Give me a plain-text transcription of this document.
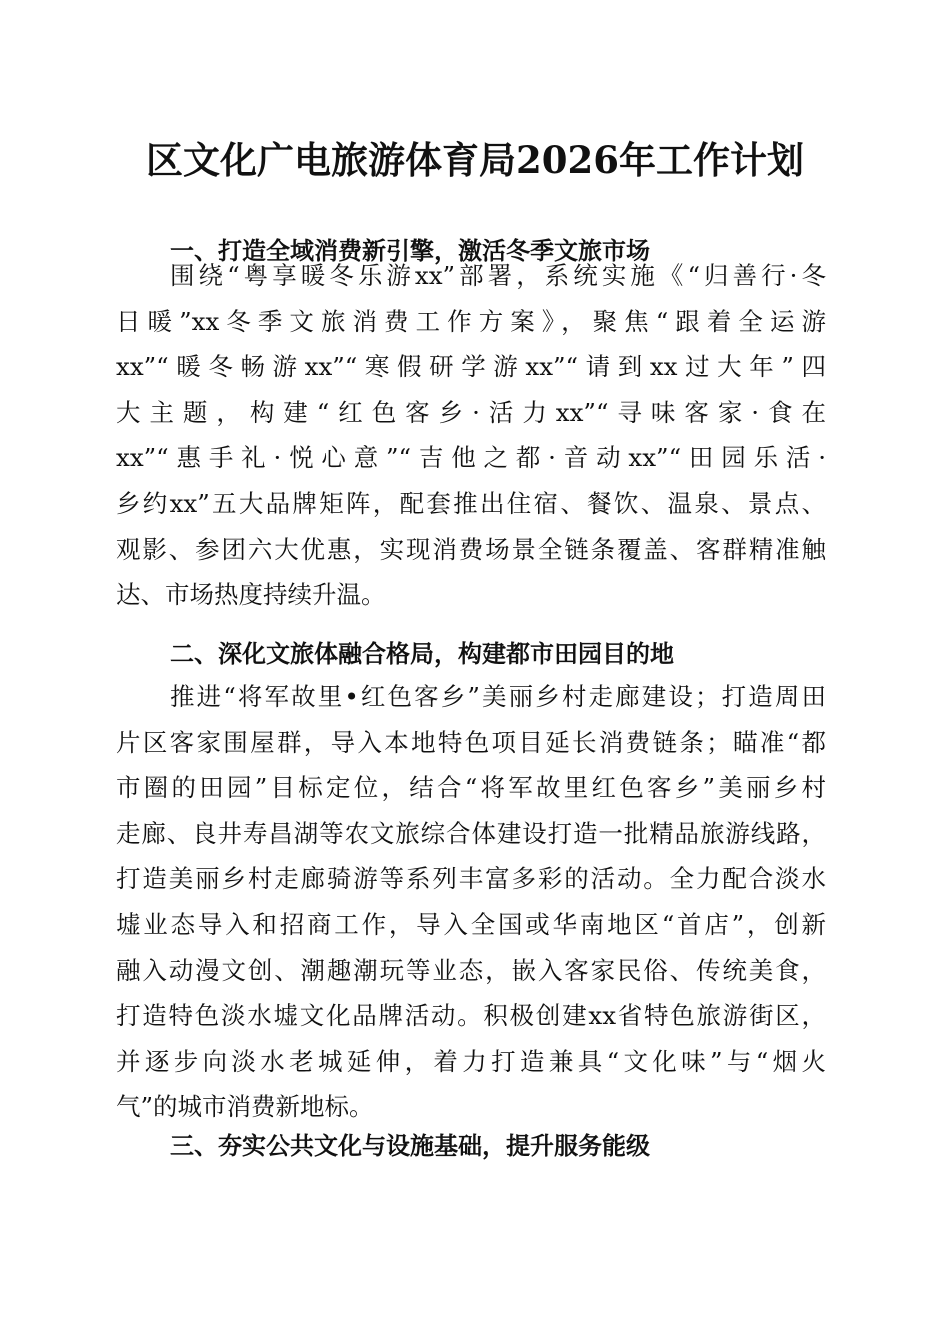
区文化广电旅游体育局2026年工作计划
一、打造全域消费新引擎，激活冬季文旅市场
围绕“粤享暖冬乐游xx”部署，系统实施《“归善行·冬
日暖”xx冬季文旅消费工作方案》，聚焦“跟着全运游
xx”“暖冬畅游xx”“寒假研学游xx”“请到xx过大年”四
大主题，构建“红色客乡·活力xx”“寻味客家·食在
xx”“惠手礼·悦心意”“吉他之都·音动xx”“田园乐活·
乡约xx”五大品牌矩阵，配套推出住宿、餐饮、温泉、景点、
观影、参团六大优惠，实现消费场景全链条覆盖、客群精准触
达、市场热度持续升温。
二、深化文旅体融合格局，构建都市田园目的地
推进“将军故里•红色客乡”美丽乡村走廊建设；打造周田
片区客家围屋群，导入本地特色项目延长消费链条；瞄准“都
市圈的田园”目标定位，结合“将军故里红色客乡”美丽乡村
走廊、良井寿昌湖等农文旅综合体建设打造一批精品旅游线路，
打造美丽乡村走廊骑游等系列丰富多彩的活动。全力配合淡水
墟业态导入和招商工作，导入全国或华南地区“首店”，创新
融入动漫文创、潮趣潮玩等业态，嵌入客家民俗、传统美食，
打造特色淡水墟文化品牌活动。积极创建xx省特色旅游街区，
并逐步向淡水老城延伸，着力打造兼具“文化味”与“烟火
气”的城市消费新地标。
三、夯实公共文化与设施基础，提升服务能级
